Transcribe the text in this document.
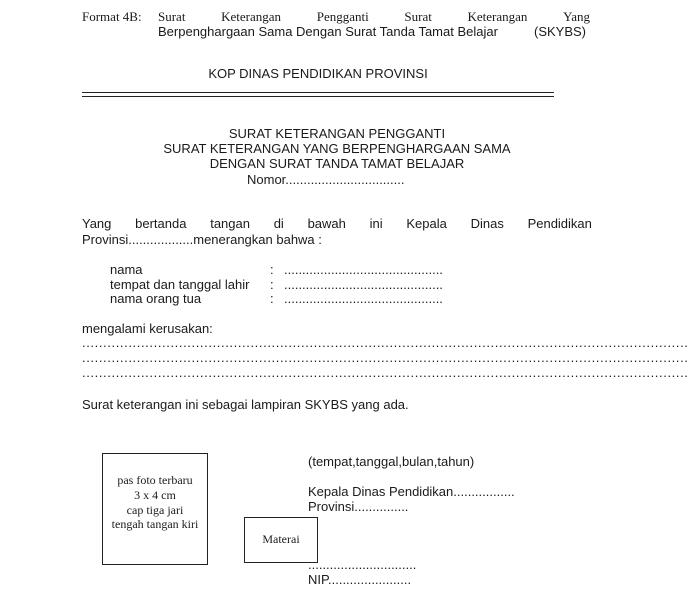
Format 4B: Surat	Keterangan	Pengganti	Surat	Keterangan	Yang
Berpenghargaan Sama Dengan Surat Tanda Tamat Belajar	(SKYBS)
KOP DINAS PENDIDIKAN PROVINSI
SURAT KETERANGAN PENGGANTI
SURAT KETERANGAN YANG BERPENGHARGAAN SAMA
DENGAN SURAT TANDA TAMAT BELAJAR
Nomor.................................
Yang bertanda tangan di bawah ini Kepala Dinas Pendidikan
Provinsi..................menerangkan bahwa :
nama	: ............................................
tempat dan tanggal lahir : ............................................
nama orang tua	: ............................................
mengalami kerusakan:
................................................................................................................................................
................................................................................................................................................
................................................................................................................................................
Surat keterangan ini sebagai lampiran SKYBS yang ada.
pas foto terbaru
3 x 4 cm
cap tiga jari
tengah tangan kiri
(tempat,tanggal,bulan,tahun)
Kepala Dinas Pendidikan.................
Provinsi...............
Materai
..............................
NIP.......................
